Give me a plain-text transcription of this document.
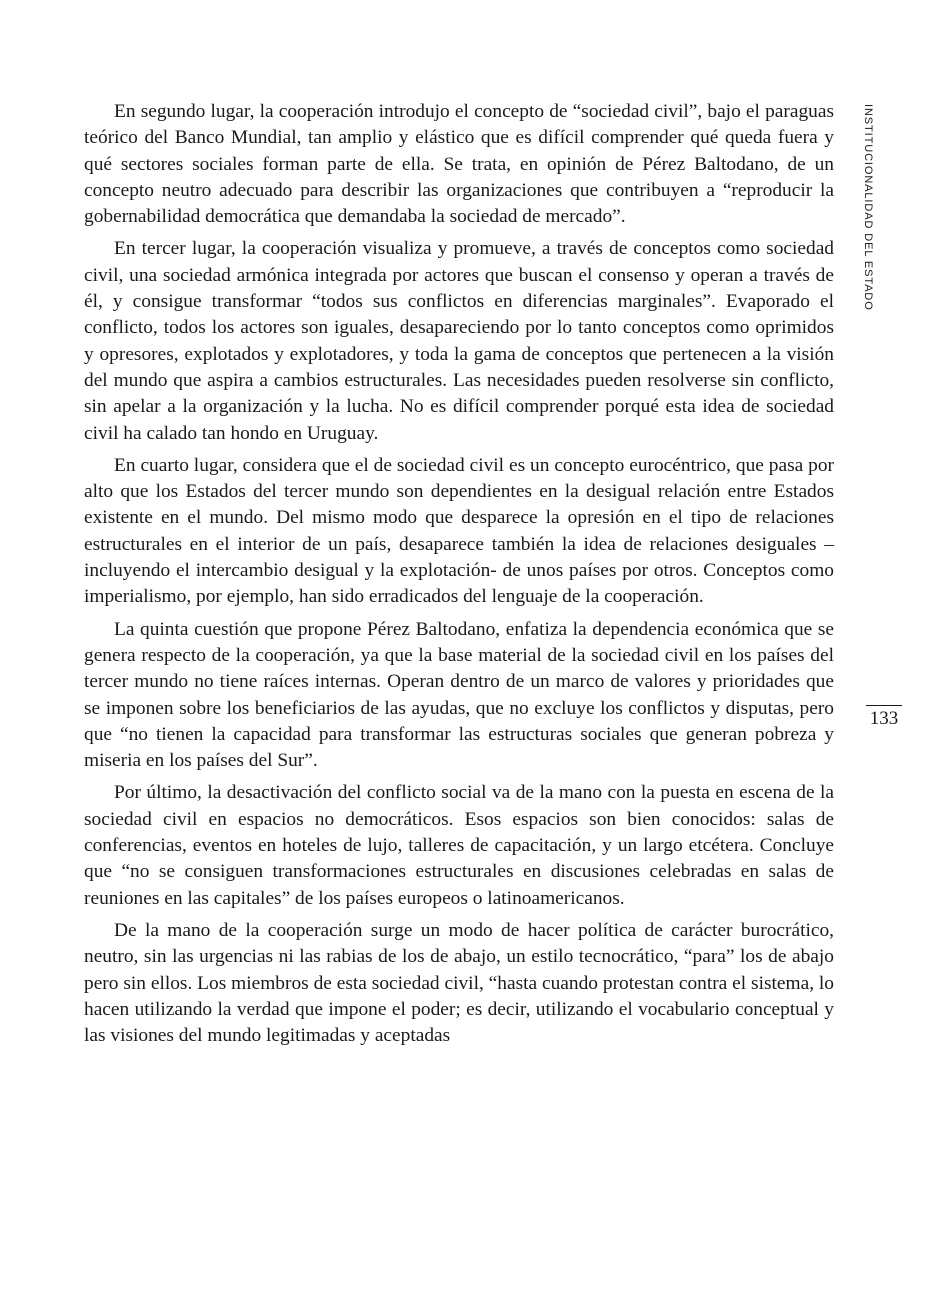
En segundo lugar, la cooperación introdujo el concepto de “sociedad civil”, bajo el paraguas teórico del Banco Mundial, tan amplio y elástico que es difícil comprender qué queda fuera y qué sectores sociales forman parte de ella. Se trata, en opinión de Pérez Baltodano, de un concepto neutro adecuado para describir las organizaciones que contribuyen a “reproducir la gobernabilidad democrática que demandaba la sociedad de mercado”.

En tercer lugar, la cooperación visualiza y promueve, a través de conceptos como sociedad civil, una sociedad armónica integrada por actores que buscan el consenso y operan a través de él, y consigue transformar “todos sus conflictos en diferencias marginales”. Evaporado el conflicto, todos los actores son iguales, desapareciendo por lo tanto conceptos como oprimidos y opresores, explotados y explotadores, y toda la gama de conceptos que pertenecen a la visión del mundo que aspira a cambios estructurales. Las necesidades pueden resolverse sin conflicto, sin apelar a la organización y la lucha. No es difícil comprender porqué esta idea de sociedad civil ha calado tan hondo en Uruguay.

En cuarto lugar, considera que el de sociedad civil es un concepto eurocéntrico, que pasa por alto que los Estados del tercer mundo son dependientes en la desigual relación entre Estados existente en el mundo. Del mismo modo que desparece la opresión en el tipo de relaciones estructurales en el interior de un país, desaparece también la idea de relaciones desiguales –incluyendo el intercambio desigual y la explotación- de unos países por otros. Conceptos como imperialismo, por ejemplo, han sido erradicados del lenguaje de la cooperación.

La quinta cuestión que propone Pérez Baltodano, enfatiza la dependencia económica que se genera respecto de la cooperación, ya que la base material de la sociedad civil en los países del tercer mundo no tiene raíces internas. Operan dentro de un marco de valores y prioridades que se imponen sobre los beneficiarios de las ayudas, que no excluye los conflictos y disputas, pero que “no tienen la capacidad para transformar las estructuras sociales que generan pobreza y miseria en los países del Sur”.

Por último, la desactivación del conflicto social va de la mano con la puesta en escena de la sociedad civil en espacios no democráticos. Esos espacios son bien conocidos: salas de conferencias, eventos en hoteles de lujo, talleres de capacitación, y un largo etcétera. Concluye que “no se consiguen transformaciones estructurales en discusiones celebradas en salas de reuniones en las capitales” de los países europeos o latinoamericanos.

De la mano de la cooperación surge un modo de hacer política de carácter burocrático, neutro, sin las urgencias ni las rabias de los de abajo, un estilo tecnocrático, “para” los de abajo pero sin ellos. Los miembros de esta sociedad civil, “hasta cuando protestan contra el sistema, lo hacen utilizando la verdad que impone el poder; es decir, utilizando el vocabulario conceptual y las visiones del mundo legitimadas y aceptadas

INSTITUCIONALIDAD DEL ESTADO
133
